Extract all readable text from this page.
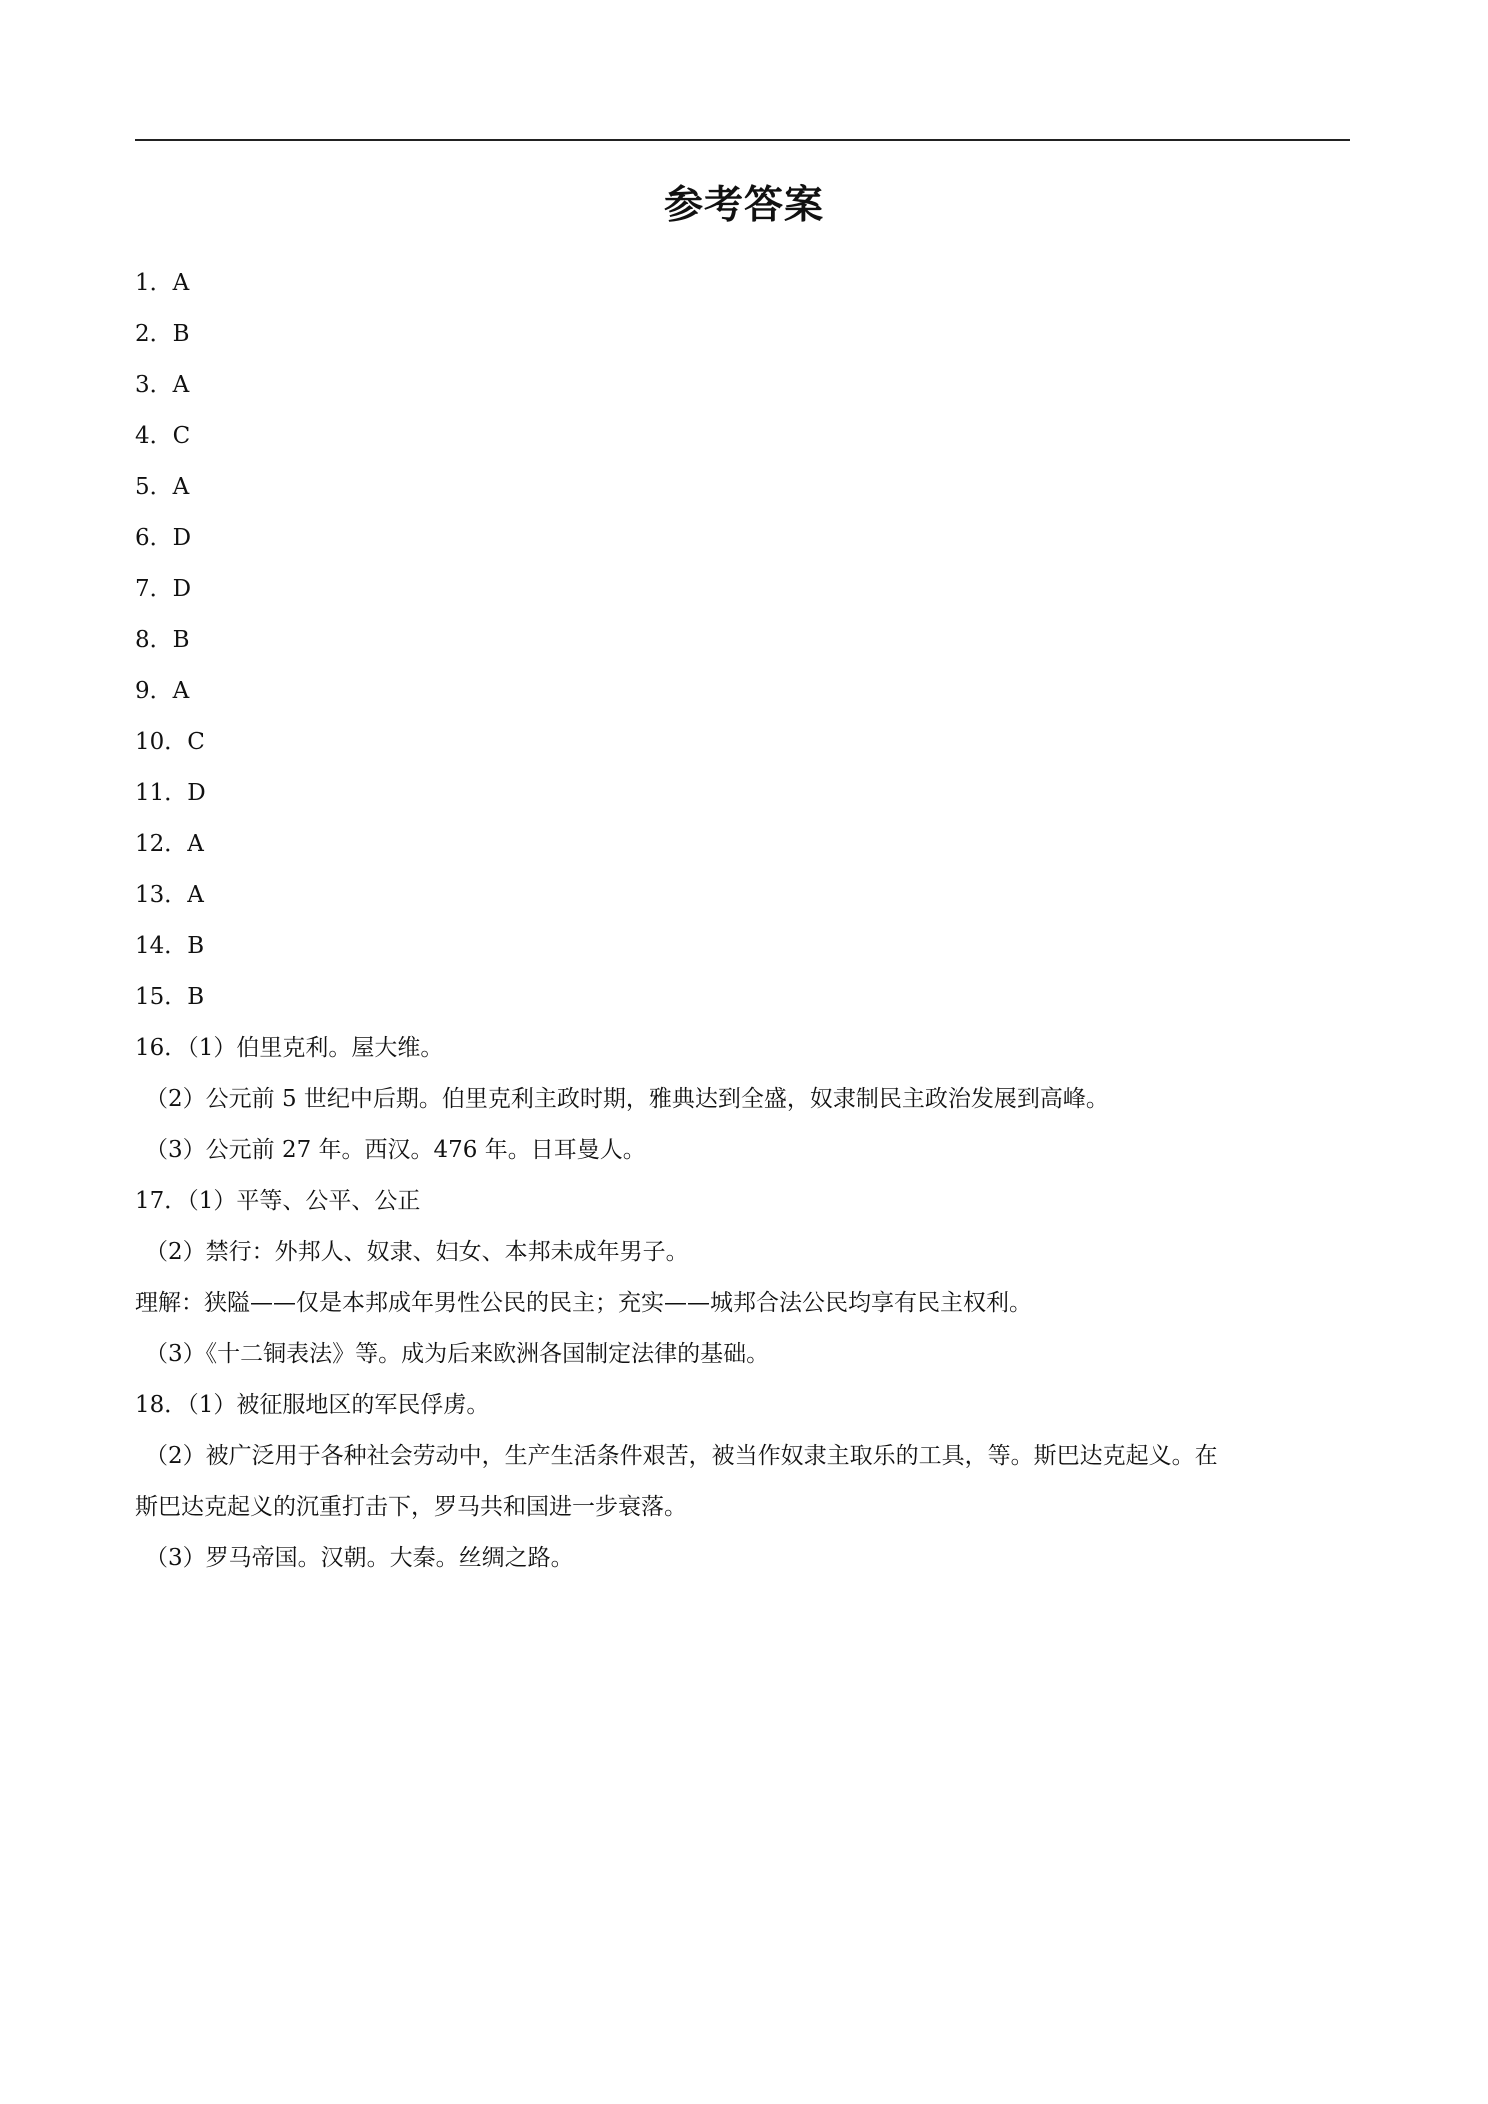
参考答案
1．A
2．B
3．A
4．C
5．A
6．D
7．D
8．B
9．A
10．C
11．D
12．A
13．A
14．B
15．B
16．（1）伯里克利。屋大维。
（2）公元前 5 世纪中后期。伯里克利主政时期，雅典达到全盛，奴隶制民主政治发展到高峰。
（3）公元前 27 年。西汉。476 年。日耳曼人。
17．（1）平等、公平、公正
（2）禁行：外邦人、奴隶、妇女、本邦未成年男子。
理解：狭隘——仅是本邦成年男性公民的民主；充实——城邦合法公民均享有民主权利。
（3）《十二铜表法》等。成为后来欧洲各国制定法律的基础。
18．（1）被征服地区的军民俘虏。
（2）被广泛用于各种社会劳动中，生产生活条件艰苦，被当作奴隶主取乐的工具，等。斯巴达克起义。在
斯巴达克起义的沉重打击下，罗马共和国进一步衰落。
（3）罗马帝国。汉朝。大秦。丝绸之路。
